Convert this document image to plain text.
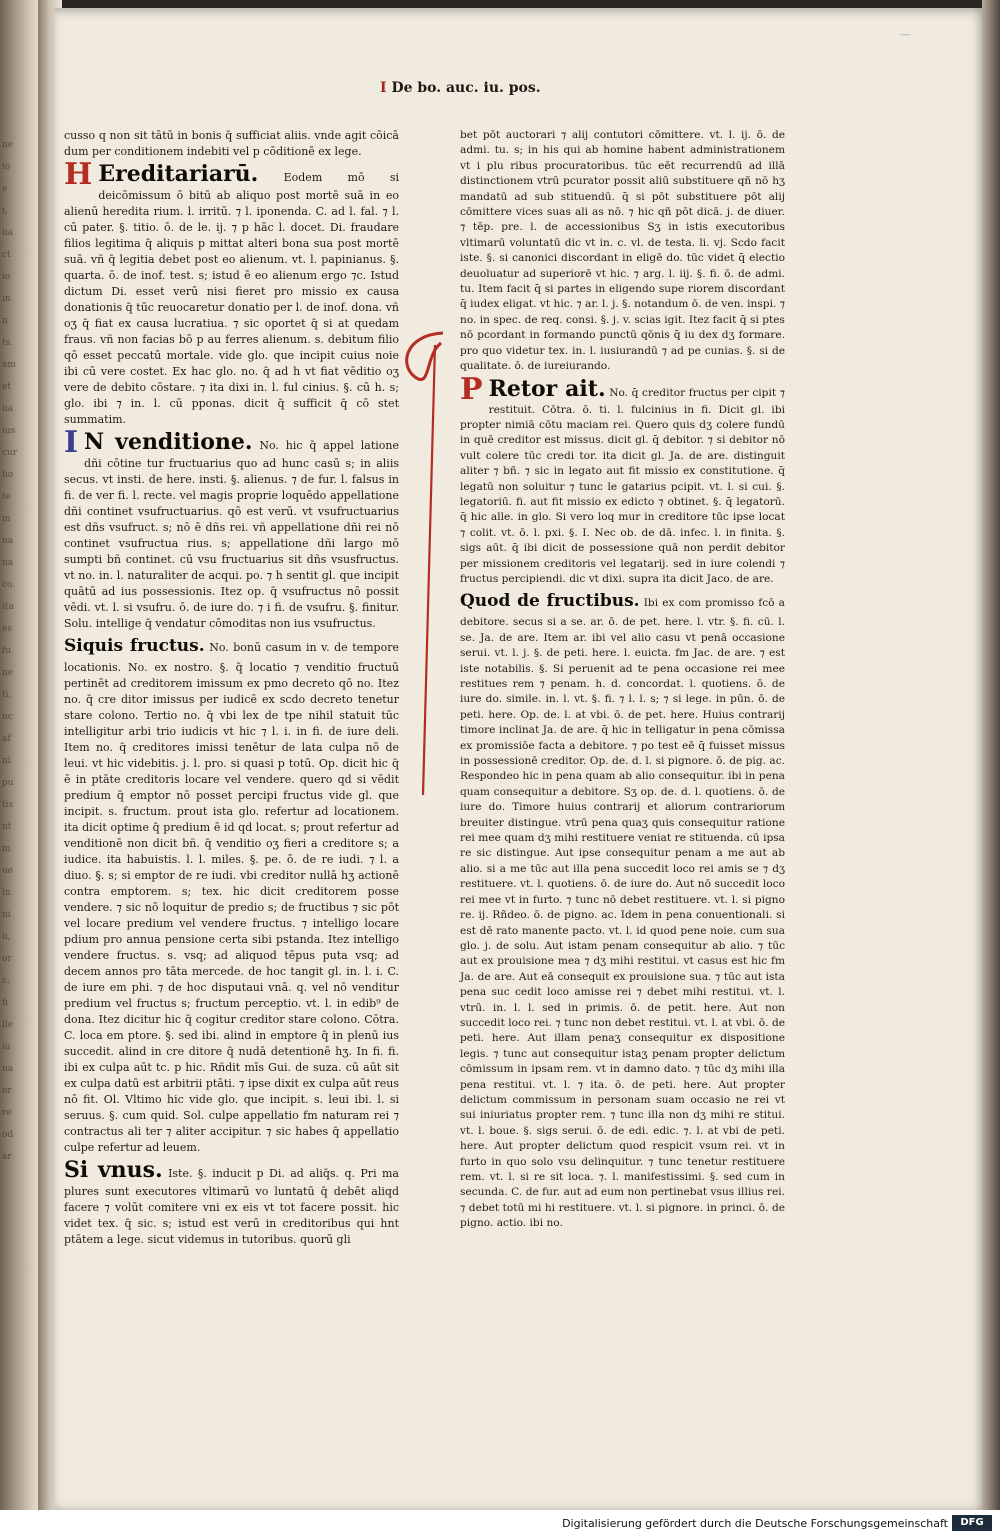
ne
io
e
i,
ua
ct
io
in
n
ts.
am
et
ua
ius
cur
lio
te
m
ua
na
co.
ita
es
fu
ne
ti,
uc
af
ni
pu
tis
nt
m
ue
ln
ni
u,
or
c.
fi
ile
ia
na
or
re
od
ar
—
I De bo. auc. iu. pos.

cusso q non sit tātū in bonis q̄ sufficiat aliis. vnde agit cōicā dum per conditionem indebiti vel p cōditionē ex lege.

H Ereditariarū. Eodem mō si deicōmissum ō bitū ab aliquo post mortē suā in eo alienū heredita rium. l. irritū. ⁊ l. iponenda. C. ad l. fal. ⁊ l. cū pater. §. titio. ō. de le. ij. ⁊ p hāc l. docet. Di. fraudare filios legitima q̄ aliquis p mittat alteri bona sua post mortē suā. vñ q̄ legitia debet post eo alienum. vt. l. papinianus. §. quarta. ō. de inof. test. s; istud ē eo alienum ergo ⁊c. Istud dictum Di. esset verū nisi fieret pro missio ex causa donationis q̄ tūc reuocaretur donatio per l. de inof. dona. vñ oʒ q̄ fiat ex causa lucratiua. ⁊ sic oportet q̄ si at quedam fraus. vñ non facias bō p au ferres alienum. s. debitum filio qō esset peccatū mortale. vide glo. que incipit cuius noie ibi cū vere costet. Ex hac glo. no. q̄ ad h vt fiat vēditio oʒ vere de debito cōstare. ⁊ ita dixi in. l. ful cinius. §. cū h. s; glo. ibi ⁊ in. l. cū pponas. dicit q̄ sufficit q̄ cō stet summatim.

I N venditione. No. hic q̄ appel latione dñi cōtine tur fructuarius quo ad hunc casū s; in aliis secus. vt insti. de here. insti. §. alienus. ⁊ de fur. l. falsus in fi. de ver fi. l. recte. vel magis proprie loquēdo appellatione dñi continet vsufructuarius. qō est verū. vt vsufructuarius est dñs vsufruct. s; nō ē dñs rei. vñ appellatione dñi rei nō continet vsufructua rius. s; appellatione dñi largo mō sumpti bñ continet. cū vsu fructuarius sit dñs vsusfructus. vt no. in. l. naturaliter de acqui. po. ⁊ h sentit gl. que incipit quātū ad ius possessionis. Itez op. q̄ vsufructus nō possit vēdi. vt. l. si vsufru. ō. de iure do. ⁊ i fi. de vsufru. §. finitur. Solu. intellige q̄ vendatur cōmoditas non ius vsufructus.

Siquis fructus. No. bonū casum in v. de tempore locationis. No. ex nostro. §. q̄ locatio ⁊ venditio fructuū pertinēt ad creditorem imissum ex pmo decreto qō no. Itez no. q̄ cre ditor imissus per iudicē ex scdo decreto tenetur stare colono. Tertio no. q̄ vbi lex de tpe nihil statuit tūc intelligitur arbi trio iudicis vt hic ⁊ l. i. in fi. de iure deli. Item no. q̄ creditores imissi tenētur de lata culpa nō de leui. vt hic videbitis. j. l. pro. si quasi p totū. Op. dicit hic q̄ ē in ptāte creditoris locare vel vendere. quero qd si vēdit predium q̄ emptor nō posset percipi fructus vide gl. que incipit. s. fructum. prout ista glo. refertur ad locationem. ita dicit optime q̄ predium ē id qd locat. s; prout refertur ad venditionē non dicit bñ. q̄ venditio oʒ fieri a creditore s; a iudice. ita habuistis. l. l. miles. §. pe. ō. de re iudi. ⁊ l. a diuo. §. s; si emptor de re iudi. vbi creditor nullā hʒ actionē contra emptorem. s; tex. hic dicit creditorem posse vendere. ⁊ sic nō loquitur de predio s; de fructibus ⁊ sic pōt vel locare predium vel vendere fructus. ⁊ intelligo locare pdium pro annua pensione certa sibi pstanda. Itez intelligo vendere fructus. s. vsq; ad aliquod tēpus puta vsq; ad decem annos pro tāta mercede. de hoc tangit gl. in. l. i. C. de iure em phi. ⁊ de hoc disputaui vnā. q. vel nō venditur predium vel fructus s; fructum perceptio. vt. l. in edib⁹ de dona. Itez dicitur hic q̄ cogitur creditor stare colono. Cōtra. C. loca em ptore. §. sed ibi. alind in emptore q̄ in plenū ius succedit. alind in cre ditore q̄ nudā detentionē hʒ. In fi. fi. ibi ex culpa aūt tc. p hic. Rñdit mīs Gui. de suza. cū aūt sit ex culpa datū est arbitrii ptāti. ⁊ ipse dixit ex culpa aūt reus nō fit. Ol. Vltimo hic vide glo. que incipit. s. leui ibi. l. si seruus. §. cum quid. Sol. culpe appellatio fm naturam rei ⁊ contractus ali ter ⁊ aliter accipitur. ⁊ sic habes q̄ appellatio culpe refertur ad leuem.

Si vnus. Iste. §. inducit p Di. ad aliq̄s. q. Pri ma plures sunt executores vltimarū vo luntatū q̄ debēt aliqd facere ⁊ volūt comitere vni ex eis vt tot facere possit. hic videt tex. q̄ sic. s; istud est verū in creditoribus qui hnt ptātem a lege. sicut videmus in tutoribus. quorū gli

bet pōt auctorari ⁊ alij contutori cōmittere. vt. l. ij. ō. de admi. tu. s; in his qui ab homine habent administrationem vt i plu ribus procuratoribus. tūc eēt recurrendū ad illā distinctionem vtrū pcurator possit aliū substituere qñ nō hʒ mandatū ad sub stituendū. q̄ si pōt substituere pōt alij cōmittere vices suas ali as nō. ⁊ hic qñ pōt dicā. j. de diuer. ⁊ tēp. pre. l. de accessionibus Sʒ in istis executoribus vltimarū voluntatū dic vt in. c. vl. de testa. li. vj. Scdo facit iste. §. si canonici discordant in eligē do. tūc videt q̄ electio deuoluatur ad superiorē vt hic. ⁊ arg. l. iij. §. fi. ō. de admi. tu. Item facit q̄ si partes in eligendo supe riorem discordant q̄ iudex eligat. vt hic. ⁊ ar. l. j. §. notandum ō. de ven. inspi. ⁊ no. in spec. de req. consi. §. j. v. scias igit. Itez facit q̄ si ptes nō pcordant in formando punctū qōnis q̄ iu dex dʒ formare. pro quo videtur tex. in. l. iusiurandū ⁊ ad pe cunias. §. si de qualitate. ō. de iureiurando.

P Retor ait. No. q̄ creditor fructus per cipit ⁊ restituit. Cōtra. ō. ti. l. fulcinius in fi. Dicit gl. ibi propter nimiā cōtu maciam rei. Quero quis dʒ colere fundū in quē creditor est missus. dicit gl. q̄ debitor. ⁊ si debitor nō vult colere tūc credi tor. ita dicit gl. Ja. de are. distinguit aliter ⁊ bñ. ⁊ sic in legato aut fit missio ex constitutione. q̄ legatū non soluitur ⁊ tunc le gatarius pcipit. vt. l. si cui. §. legatoriū. fi. aut fit missio ex edicto ⁊ obtinet. §. q̄ legatorū. q̄ hic alle. in glo. Si vero loq mur in creditore tūc ipse locat ⁊ colit. vt. ō. l. pxi. §. I. Nec ob. de dā. infec. l. in finita. §. sigs aūt. q̄ ibi dicit de possessione quā non perdit debitor per missionem creditoris vel legatarij. sed in iure colendi ⁊ fructus percipiendi. dic vt dixi. supra ita dicit Jaco. de are.

Quod de fructibus. Ibi ex com promisso fcō a debitore. secus si a se. ar. ō. de pet. here. l. vtr. §. fi. cū. l. se. Ja. de are. Item ar. ibi vel alio casu vt penā occasione serui. vt. l. j. §. de peti. here. l. euicta. fm Jac. de are. ⁊ est iste notabilis. §. Si peruenit ad te pena occasione rei mee restitues rem ⁊ penam. h. d. concordat. l. quotiens. ō. de iure do. simile. in. l. vt. §. fi. ⁊ l. l. s; ⁊ si lege. in pūn. ō. de peti. here. Op. de. l. at vbi. ō. de pet. here. Huius contrarij timore inclinat Ja. de are. q̄ hic in telligatur in pena cōmissa ex promissiōe facta a debitore. ⁊ po test eē q̄ fuisset missus in possessionē creditor. Op. de. d. l. si pignore. ō. de pig. ac. Respondeo hic in pena quam ab alio consequitur. ibi in pena quam consequitur a debitore. Sʒ op. de. d. l. quotiens. ō. de iure do. Timore huius contrarij et aliorum contrariorum breuiter distingue. vtrū pena quaʒ quis consequitur ratione rei mee quam dʒ mihi restituere veniat re stituenda. cū ipsa re sic distingue. Aut ipse consequitur penam a me aut ab alio. si a me tūc aut illa pena succedit loco rei amis se ⁊ dʒ restituere. vt. l. quotiens. ō. de iure do. Aut nō succedit loco rei mee vt in furto. ⁊ tunc nō debet restituere. vt. l. si pigno re. ij. Rñdeo. ō. de pigno. ac. Idem in pena conuentionali. si est dē rato manente pacto. vt. l. id quod pene noie. cum sua glo. j. de solu. Aut istam penam consequitur ab alio. ⁊ tūc aut ex prouisione mea ⁊ dʒ mihi restitui. vt casus est hic fm Ja. de are. Aut eā consequit ex prouisione sua. ⁊ tūc aut ista pena suc cedit loco amisse rei ⁊ debet mihi restitui. vt. l. vtrū. in. l. l. sed in primis. ō. de petit. here. Aut non succedit loco rei. ⁊ tunc non debet restitui. vt. l. at vbi. ō. de peti. here. Aut illam penaʒ consequitur ex dispositione legis. ⁊ tunc aut consequitur istaʒ penam propter delictum cōmissum in ipsam rem. vt in damno dato. ⁊ tūc dʒ mihi illa pena restitui. vt. l. ⁊ ita. ō. de peti. here. Aut propter delictum commissum in personam suam occasio ne rei vt sui iniuriatus propter rem. ⁊ tunc illa non dʒ mihi re stitui. vt. l. boue. §. sigs serui. ō. de edi. edic. ⁊. l. at vbi de peti. here. Aut propter delictum quod respicit vsum rei. vt in furto in quo solo vsu delinquitur. ⁊ tunc tenetur restituere rem. vt. l. si re sit loca. ⁊. l. manifestissimi. §. sed cum in secunda. C. de fur. aut ad eum non pertinebat vsus illius rei. ⁊ debet totū mi hi restituere. vt. l. si pignore. in princi. ō. de pigno. actio. ibi no.

Digitalisierung gefördert durch die Deutsche Forschungsgemeinschaft	DFG
